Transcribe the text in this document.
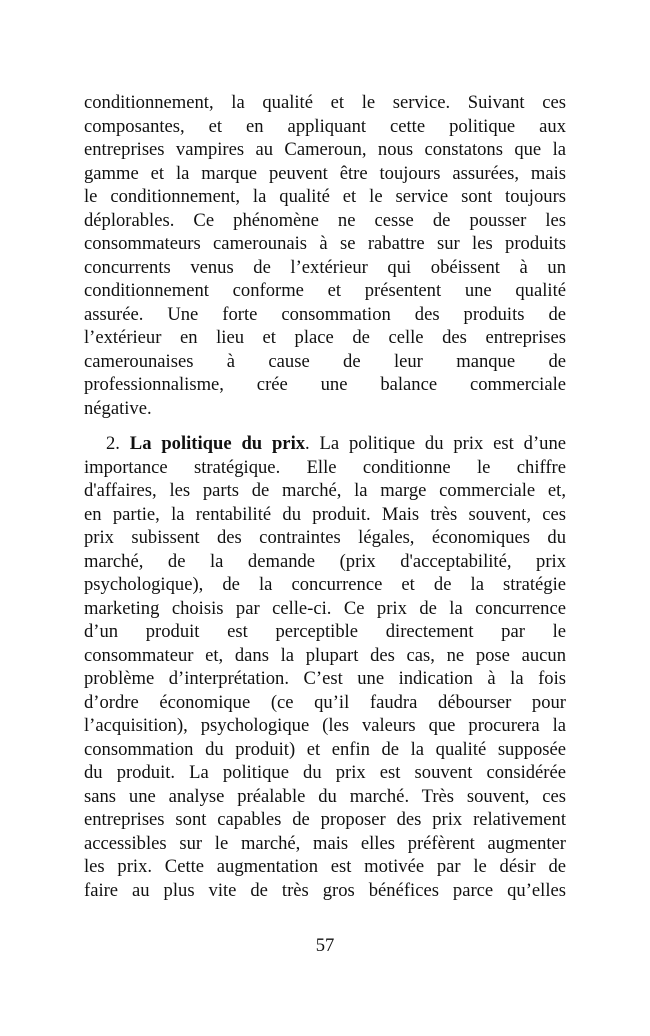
conditionnement, la qualité et le service. Suivant ces
composantes, et en appliquant cette politique aux
entreprises vampires au Cameroun, nous constatons que la
gamme et la marque peuvent être toujours assurées, mais
le conditionnement, la qualité et le service sont toujours
déplorables. Ce phénomène ne cesse de pousser les
consommateurs camerounais à se rabattre sur les produits
concurrents venus de l’extérieur qui obéissent à un
conditionnement conforme et présentent une qualité
assurée. Une forte consommation des produits de
l’extérieur en lieu et place de celle des entreprises
camerounaises à cause de leur manque de
professionnalisme, crée une balance commerciale
négative.
2. La politique du prix. La politique du prix est d’une
importance stratégique. Elle conditionne le chiffre
d'affaires, les parts de marché, la marge commerciale et,
en partie, la rentabilité du produit. Mais très souvent, ces
prix subissent des contraintes légales, économiques du
marché, de la demande (prix d'acceptabilité, prix
psychologique), de la concurrence et de la stratégie
marketing choisis par celle-ci. Ce prix de la concurrence
d’un produit est perceptible directement par le
consommateur et, dans la plupart des cas, ne pose aucun
problème d’interprétation. C’est une indication à la fois
d’ordre économique (ce qu’il faudra débourser pour
l’acquisition), psychologique (les valeurs que procurera la
consommation du produit) et enfin de la qualité supposée
du produit. La politique du prix est souvent considérée
sans une analyse préalable du marché. Très souvent, ces
entreprises sont capables de proposer des prix relativement
accessibles sur le marché, mais elles préfèrent augmenter
les prix. Cette augmentation est motivée par le désir de
faire au plus vite de très gros bénéfices parce qu’elles
57
